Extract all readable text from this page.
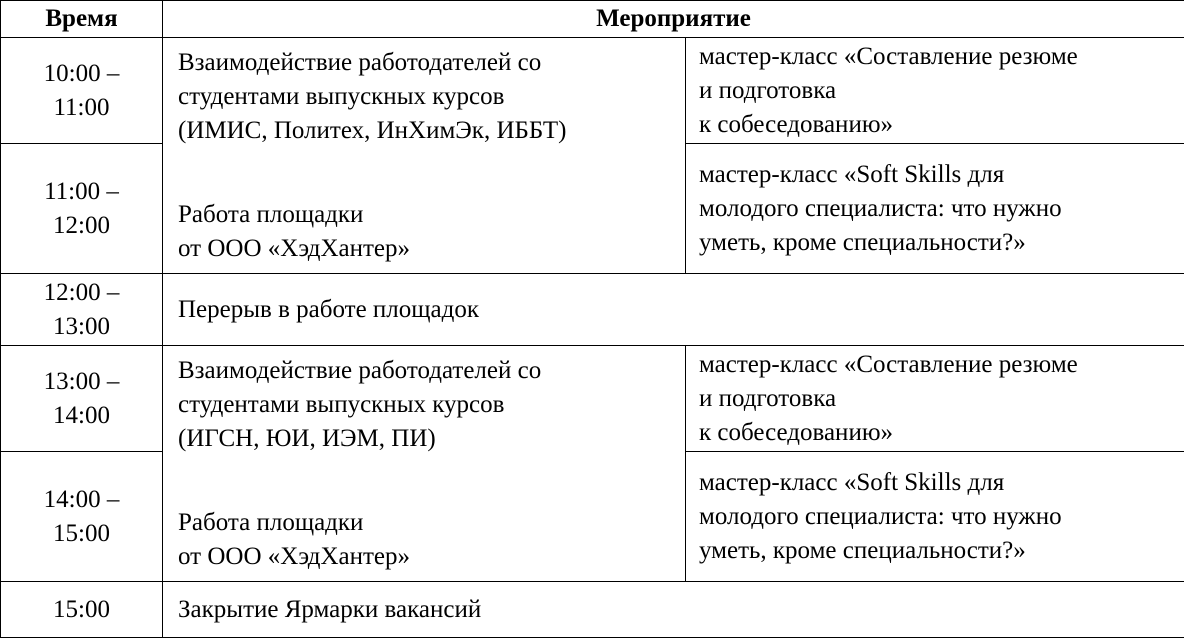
Время	Мероприятие	

10:00 –
11:00	Взаимодействие работодателей со
студентами выпускных курсов
(ИМИС, Политех, ИнХимЭк, ИББТ)
Работа площадки
от ООО «ХэдХантер»	мастер-класс «Составление резюме
и подготовка
к собеседованию»

11:00 –
12:00		мастер-класс «Soft Skills для
молодого специалиста: что нужно
уметь, кроме специальности?»

12:00 –
13:00	Перерыв в работе площадок	

13:00 –
14:00	Взаимодействие работодателей со
студентами выпускных курсов
(ИГСН, ЮИ, ИЭМ, ПИ)
Работа площадки
от ООО «ХэдХантер»	мастер-класс «Составление резюме
и подготовка
к собеседованию»

14:00 –
15:00		мастер-класс «Soft Skills для
молодого специалиста: что нужно
уметь, кроме специальности?»

15:00	Закрытие Ярмарки вакансий	
